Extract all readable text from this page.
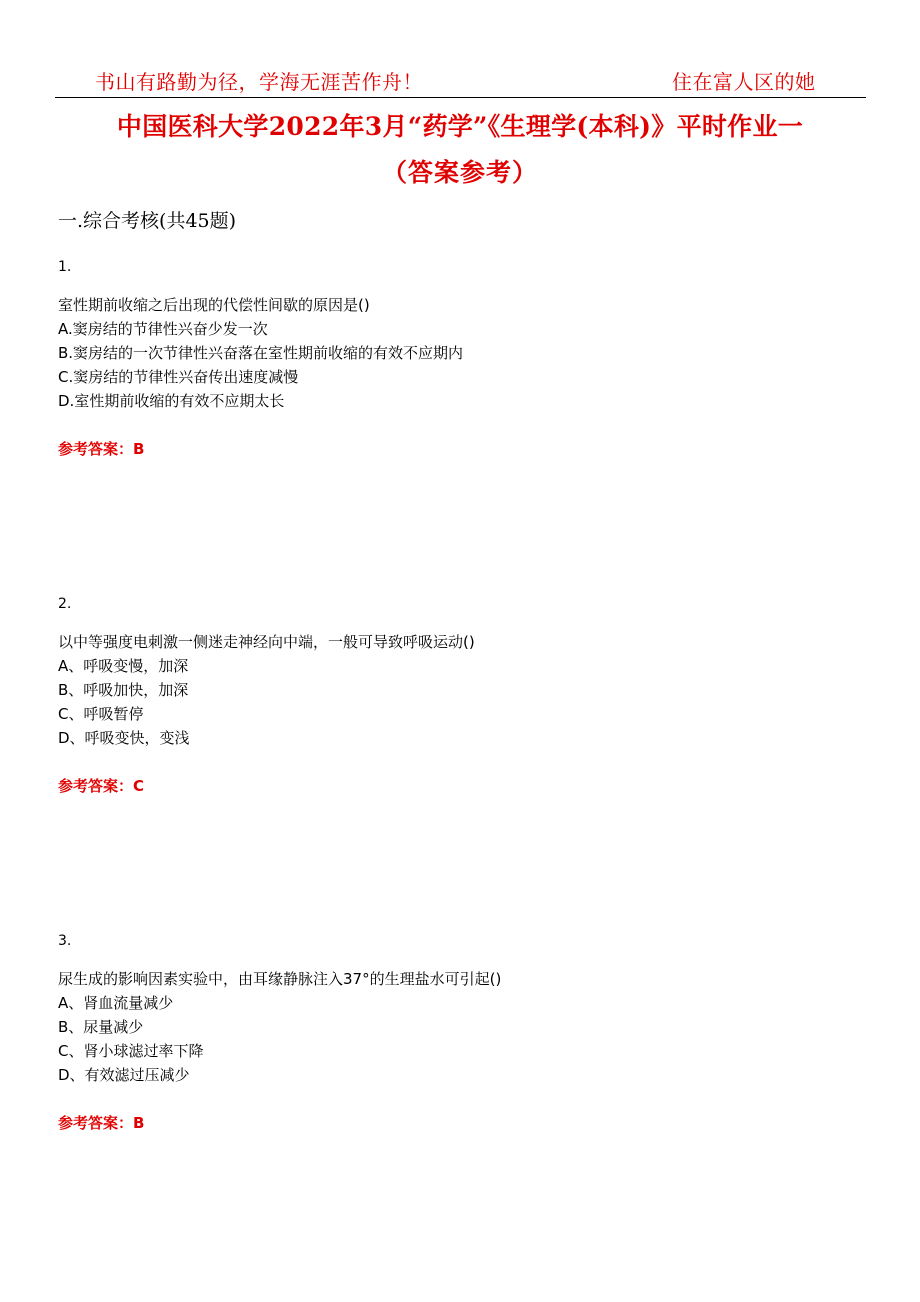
书山有路勤为径，学海无涯苦作舟！	住在富人区的她
中国医科大学2022年3月“药学”《生理学(本科)》平时作业一
（答案参考）
一.综合考核(共45题)
1.
室性期前收缩之后出现的代偿性间歇的原因是()
A.窦房结的节律性兴奋少发一次
B.窦房结的一次节律性兴奋落在室性期前收缩的有效不应期内
C.窦房结的节律性兴奋传出速度减慢
D.室性期前收缩的有效不应期太长
参考答案：B
2.
以中等强度电刺激一侧迷走神经向中端，一般可导致呼吸运动()
A、呼吸变慢，加深
B、呼吸加快，加深
C、呼吸暂停
D、呼吸变快，变浅
参考答案：C
3.
尿生成的影响因素实验中，由耳缘静脉注入37°的生理盐水可引起()
A、肾血流量减少
B、尿量减少
C、肾小球滤过率下降
D、有效滤过压减少
参考答案：B
